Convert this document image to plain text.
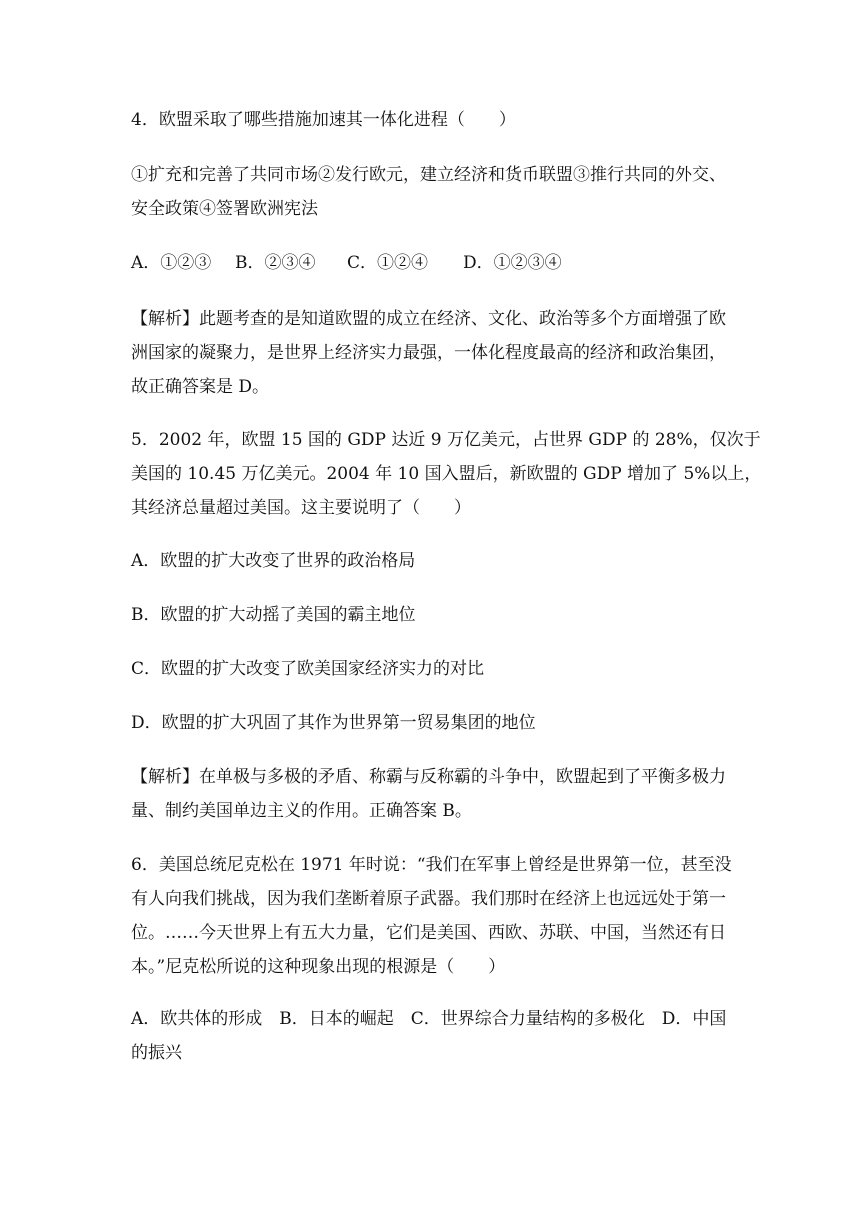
4．欧盟采取了哪些措施加速其一体化进程（　　）

①扩充和完善了共同市场②发行欧元，建立经济和货币联盟③推行共同的外交、
安全政策④签署欧洲宪法

A．①②③ B．②③④ C．①②④ D．①②③④

【解析】此题考查的是知道欧盟的成立在经济、文化、政治等多个方面增强了欧
洲国家的凝聚力，是世界上经济实力最强，一体化程度最高的经济和政治集团，
故正确答案是 D。

5．2002 年，欧盟 15 国的 GDP 达近 9 万亿美元，占世界 GDP 的 28%，仅次于
美国的 10.45 万亿美元。2004 年 10 国入盟后，新欧盟的 GDP 增加了 5%以上，
其经济总量超过美国。这主要说明了（　　）

A．欧盟的扩大改变了世界的政治格局

B．欧盟的扩大动摇了美国的霸主地位

C．欧盟的扩大改变了欧美国家经济实力的对比

D．欧盟的扩大巩固了其作为世界第一贸易集团的地位

【解析】在单极与多极的矛盾、称霸与反称霸的斗争中，欧盟起到了平衡多极力
量、制约美国单边主义的作用。正确答案 B。

6．美国总统尼克松在 1971 年时说：“我们在军事上曾经是世界第一位，甚至没
有人向我们挑战，因为我们垄断着原子武器。我们那时在经济上也远远处于第一
位。……今天世界上有五大力量，它们是美国、西欧、苏联、中国，当然还有日
本。”尼克松所说的这种现象出现的根源是（　　）

A．欧共体的形成　B．日本的崛起　C．世界综合力量结构的多极化　D．中国
的振兴
